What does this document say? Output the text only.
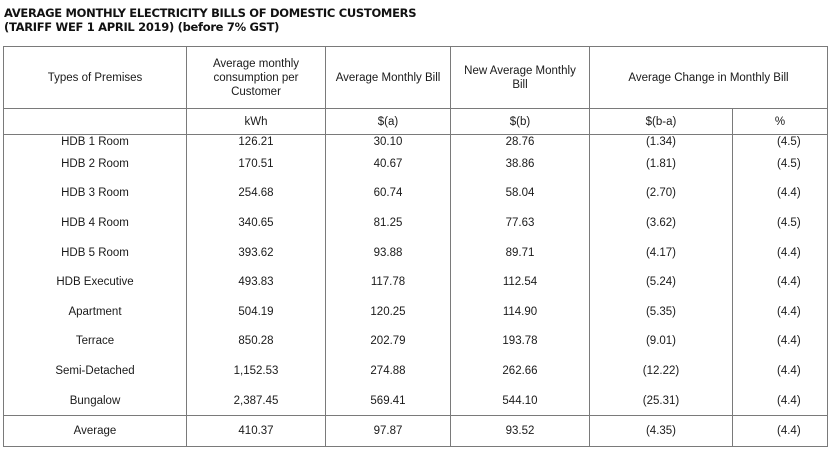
AVERAGE MONTHLY ELECTRICITY BILLS OF DOMESTIC CUSTOMERS
(TARIFF WEF 1 APRIL 2019) (before 7% GST)
Types of Premises	Average monthly consumption per Customer	Average Monthly Bill	New Average Monthly Bill	Average Change in Monthly Bill	
	kWh	$(a)	$(b)	$(b-a)	%
HDB 1 Room	126.21	30.10	28.76	(1.34)	(4.5)
HDB 2 Room	170.51	40.67	38.86	(1.81)	(4.5)
HDB 3 Room	254.68	60.74	58.04	(2.70)	(4.4)
HDB 4 Room	340.65	81.25	77.63	(3.62)	(4.5)
HDB 5 Room	393.62	93.88	89.71	(4.17)	(4.4)
HDB Executive	493.83	117.78	112.54	(5.24)	(4.4)
Apartment	504.19	120.25	114.90	(5.35)	(4.4)
Terrace	850.28	202.79	193.78	(9.01)	(4.4)
Semi-Detached	1,152.53	274.88	262.66	(12.22)	(4.4)
Bungalow	2,387.45	569.41	544.10	(25.31)	(4.4)
Average	410.37	97.87	93.52	(4.35)	(4.4)
